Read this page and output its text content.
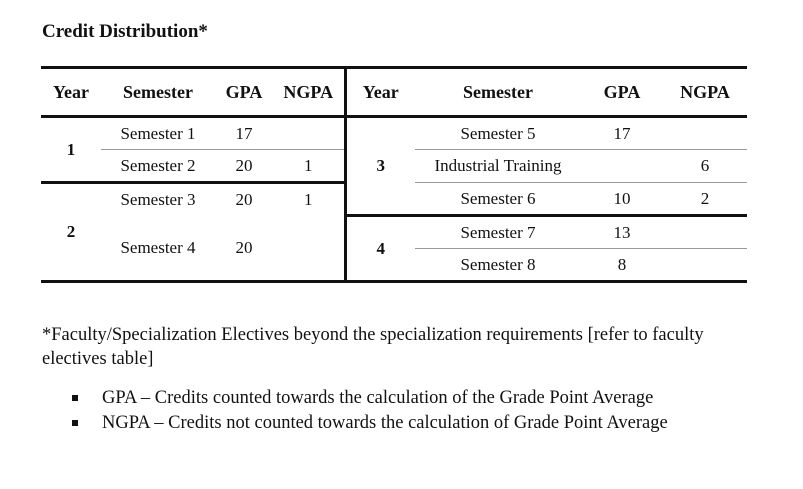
Credit Distribution*
Year	Semester	GPA	NGPA	Year	Semester	GPA	NGPA
1	Semester 1	17		3	Semester 5	17	
	Semester 2	20	1		Industrial Training		6
2	Semester 3	20	1		Semester 6	10	2
	Semester 4	20		4	Semester 7	13	
					Semester 8	8	
*Faculty/Specialization Electives beyond the specialization requirements [refer to faculty electives table]
GPA – Credits counted towards the calculation of the Grade Point Average
NGPA – Credits not counted towards the calculation of Grade Point Average
